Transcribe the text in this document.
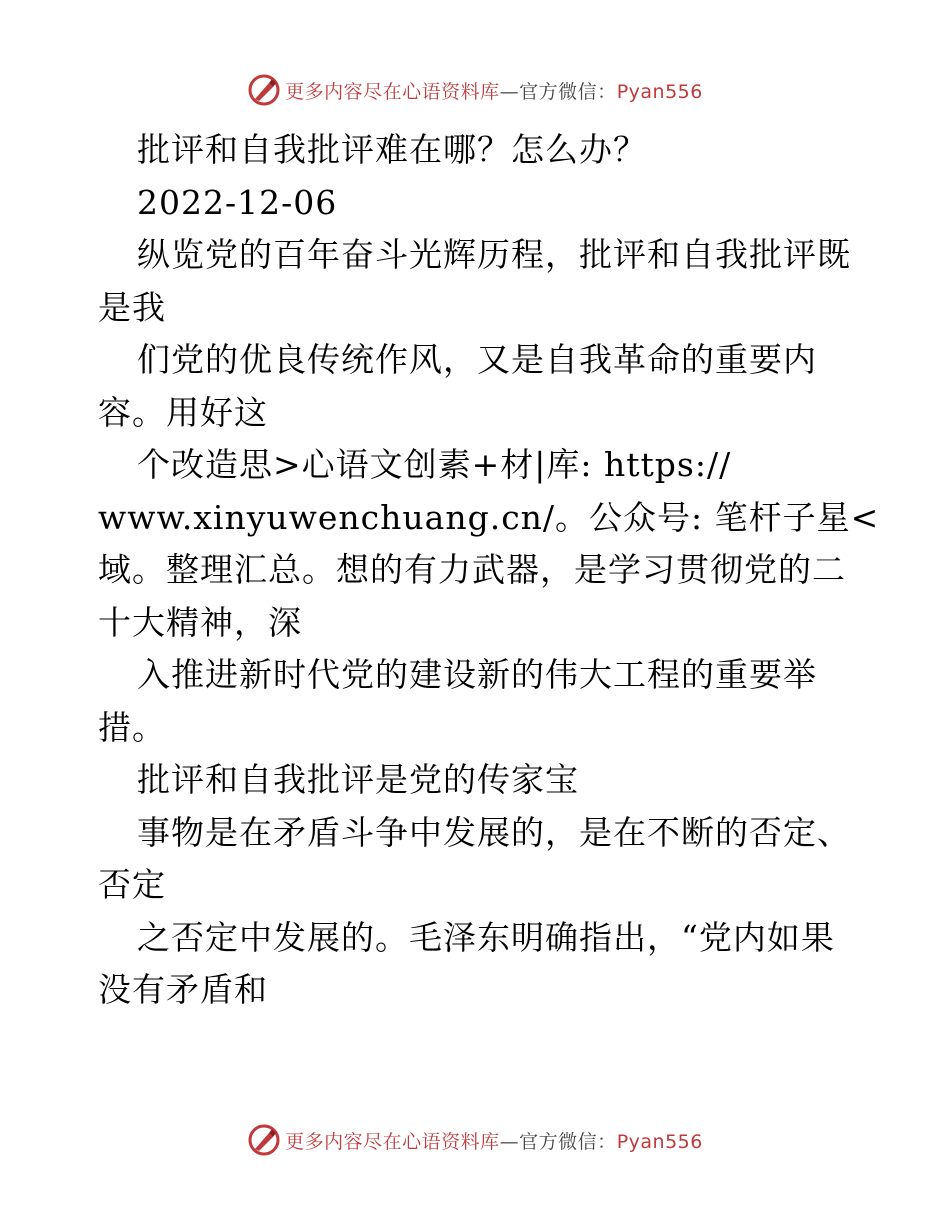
更多内容尽在心语资料库—官方微信：Pyan556

批评和自我批评难在哪？怎么办？

2022-12-06

纵览党的百年奋斗光辉历程，批评和自我批评既

是我

们党的优良传统作风，又是自我革命的重要内

容。用好这

个改造思>心语文创素+材|库: https://

www.xinyuwenchuang.cn/。公众号: 笔杆子星<

域。整理汇总。想的有力武器，是学习贯彻党的二

十大精神，深

入推进新时代党的建设新的伟大工程的重要举

措。

批评和自我批评是党的传家宝

事物是在矛盾斗争中发展的，是在不断的否定、

否定

之否定中发展的。毛泽东明确指出，“党内如果

没有矛盾和

更多内容尽在心语资料库—官方微信：Pyan556
